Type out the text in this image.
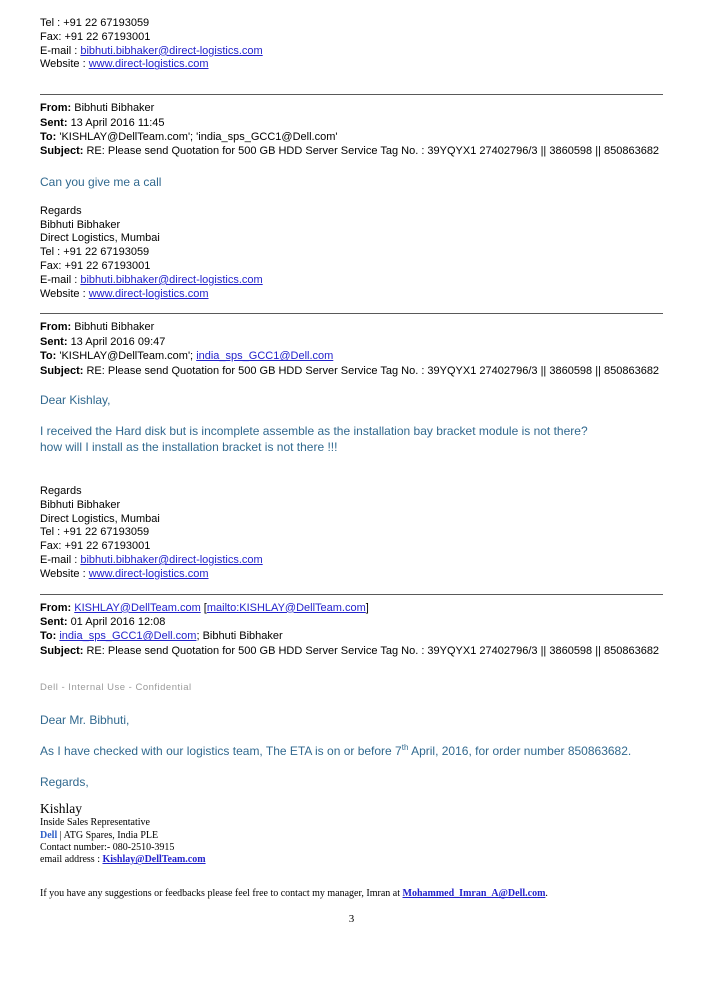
Tel : +91 22 67193059
Fax: +91 22 67193001
E-mail : bibhuti.bibhaker@direct-logistics.com
Website : www.direct-logistics.com
From: Bibhuti Bibhaker
Sent: 13 April 2016 11:45
To: 'KISHLAY@DellTeam.com'; 'india_sps_GCC1@Dell.com'
Subject: RE: Please send Quotation for 500 GB HDD Server Service Tag No. : 39YQYX1 27402796/3 || 3860598 || 850863682
Can you give me a call
Regards
Bibhuti Bibhaker
Direct Logistics, Mumbai
Tel : +91 22 67193059
Fax: +91 22 67193001
E-mail : bibhuti.bibhaker@direct-logistics.com
Website : www.direct-logistics.com
From: Bibhuti Bibhaker
Sent: 13 April 2016 09:47
To: 'KISHLAY@DellTeam.com'; india_sps_GCC1@Dell.com
Subject: RE: Please send Quotation for 500 GB HDD Server Service Tag No. : 39YQYX1 27402796/3 || 3860598 || 850863682
Dear Kishlay,
I received the Hard disk but is incomplete assemble as the installation bay bracket module is not there?
how will I install as the installation bracket is not there !!!
Regards
Bibhuti Bibhaker
Direct Logistics, Mumbai
Tel : +91 22 67193059
Fax: +91 22 67193001
E-mail : bibhuti.bibhaker@direct-logistics.com
Website : www.direct-logistics.com
From: KISHLAY@DellTeam.com [mailto:KISHLAY@DellTeam.com]
Sent: 01 April 2016 12:08
To: india_sps_GCC1@Dell.com; Bibhuti Bibhaker
Subject: RE: Please send Quotation for 500 GB HDD Server Service Tag No. : 39YQYX1 27402796/3 || 3860598 || 850863682
Dell - Internal Use - Confidential
Dear Mr. Bibhuti,
As I have checked with our logistics team, The ETA is on or before 7th April, 2016, for order number 850863682.
Regards,
Kishlay
Inside Sales Representative
Dell | ATG Spares, India PLE
Contact number:- 080-2510-3915
email address : Kishlay@DellTeam.com
If you have any suggestions or feedbacks please feel free to contact my manager, Imran at Mohammed_Imran_A@Dell.com.
3
